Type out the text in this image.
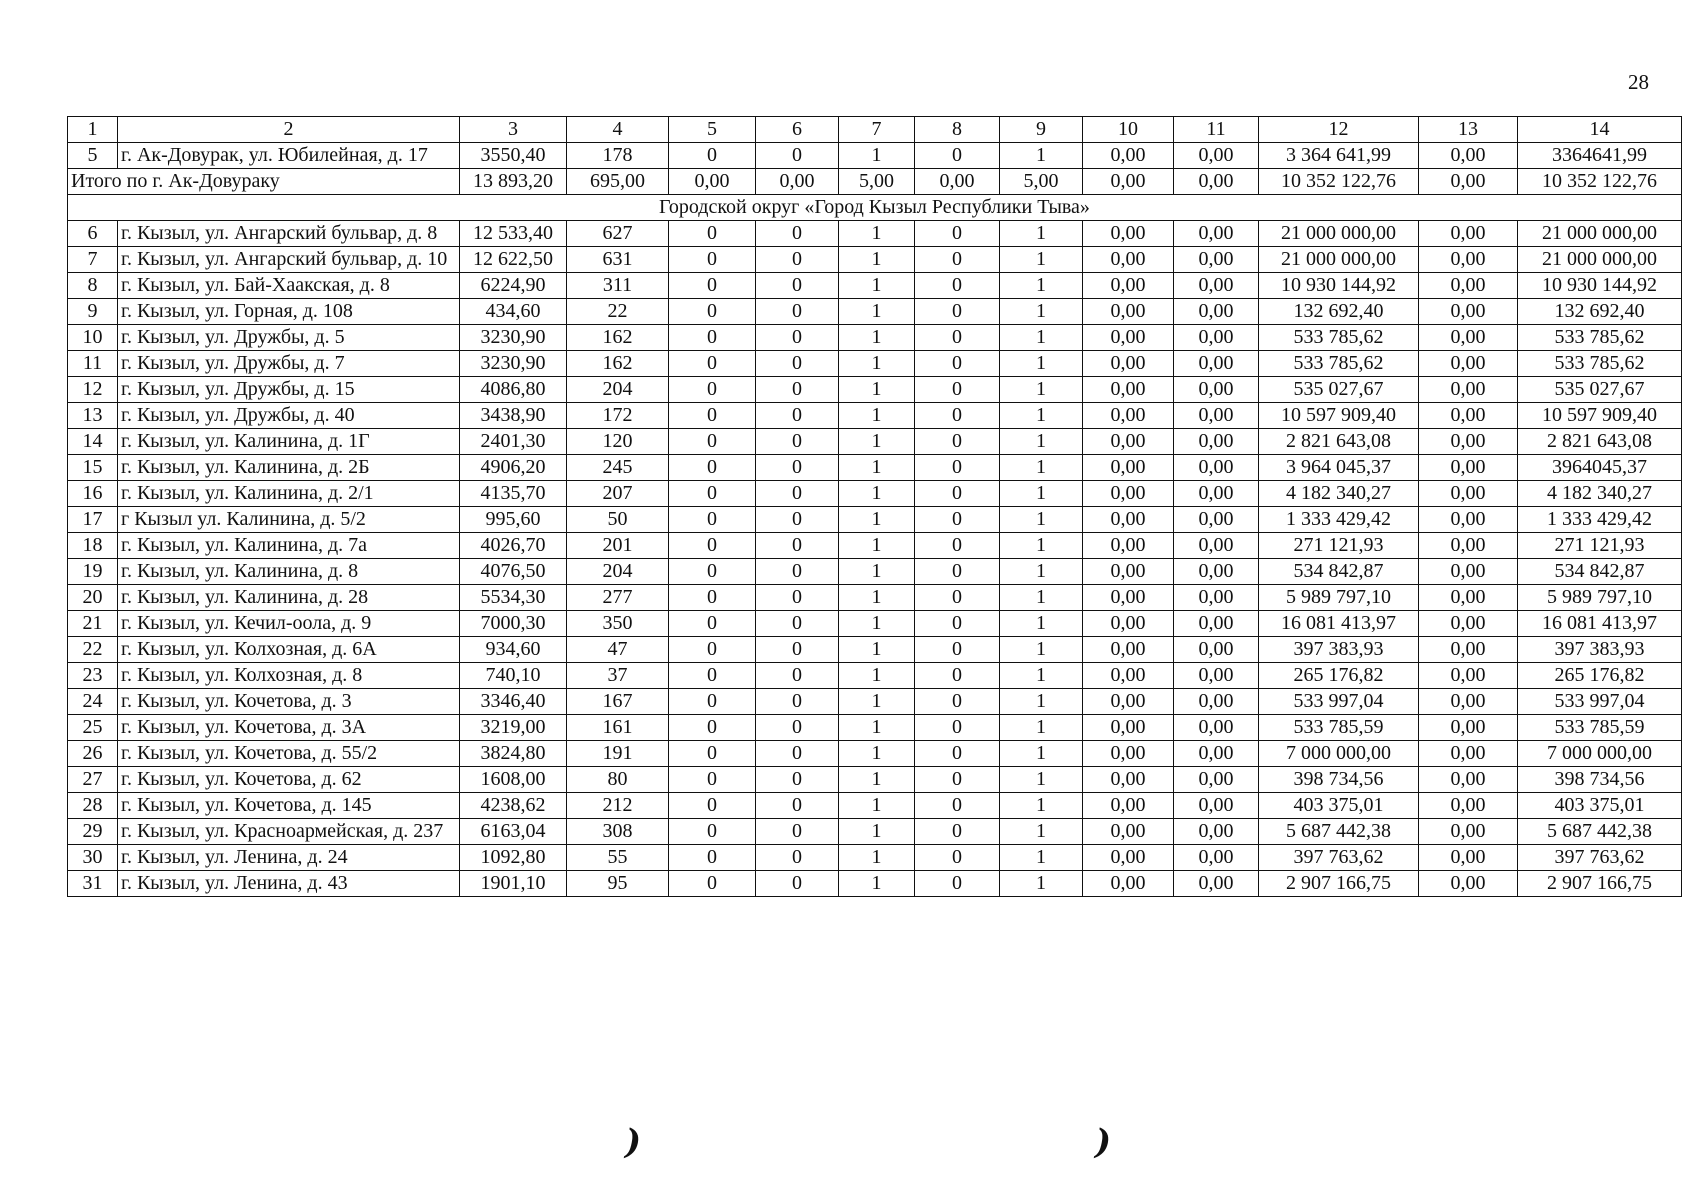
28
1	2	3	4	5	6	7	8	9	10	11	12	13	14
5	г. Ак-Довурак, ул. Юбилейная, д. 17	3550,40	178	0	0	1	0	1	0,00	0,00	3 364 641,99	0,00	3364641,99
Итого по г. Ак-Довураку		13 893,20	695,00	0,00	0,00	5,00	0,00	5,00	0,00	0,00	10 352 122,76	0,00	10 352 122,76
Городской округ «Город Кызыл Республики Тыва»													
6	г. Кызыл, ул. Ангарский бульвар, д. 8	12 533,40	627	0	0	1	0	1	0,00	0,00	21 000 000,00	0,00	21 000 000,00
7	г. Кызыл, ул. Ангарский бульвар, д. 10	12 622,50	631	0	0	1	0	1	0,00	0,00	21 000 000,00	0,00	21 000 000,00
8	г. Кызыл, ул. Бай-Хаакская, д. 8	6224,90	311	0	0	1	0	1	0,00	0,00	10 930 144,92	0,00	10 930 144,92
9	г. Кызыл, ул. Горная, д. 108	434,60	22	0	0	1	0	1	0,00	0,00	132 692,40	0,00	132 692,40
10	г. Кызыл, ул. Дружбы, д. 5	3230,90	162	0	0	1	0	1	0,00	0,00	533 785,62	0,00	533 785,62
11	г. Кызыл, ул. Дружбы, д. 7	3230,90	162	0	0	1	0	1	0,00	0,00	533 785,62	0,00	533 785,62
12	г. Кызыл, ул. Дружбы, д. 15	4086,80	204	0	0	1	0	1	0,00	0,00	535 027,67	0,00	535 027,67
13	г. Кызыл, ул. Дружбы, д. 40	3438,90	172	0	0	1	0	1	0,00	0,00	10 597 909,40	0,00	10 597 909,40
14	г. Кызыл, ул. Калинина, д. 1Г	2401,30	120	0	0	1	0	1	0,00	0,00	2 821 643,08	0,00	2 821 643,08
15	г. Кызыл, ул. Калинина, д. 2Б	4906,20	245	0	0	1	0	1	0,00	0,00	3 964 045,37	0,00	3964045,37
16	г. Кызыл, ул. Калинина, д. 2/1	4135,70	207	0	0	1	0	1	0,00	0,00	4 182 340,27	0,00	4 182 340,27
17	г Кызыл ул. Калинина, д. 5/2	995,60	50	0	0	1	0	1	0,00	0,00	1 333 429,42	0,00	1 333 429,42
18	г. Кызыл, ул. Калинина, д. 7а	4026,70	201	0	0	1	0	1	0,00	0,00	271 121,93	0,00	271 121,93
19	г. Кызыл, ул. Калинина, д. 8	4076,50	204	0	0	1	0	1	0,00	0,00	534 842,87	0,00	534 842,87
20	г. Кызыл, ул. Калинина, д. 28	5534,30	277	0	0	1	0	1	0,00	0,00	5 989 797,10	0,00	5 989 797,10
21	г. Кызыл, ул. Кечил-оола, д. 9	7000,30	350	0	0	1	0	1	0,00	0,00	16 081 413,97	0,00	16 081 413,97
22	г. Кызыл, ул. Колхозная, д. 6А	934,60	47	0	0	1	0	1	0,00	0,00	397 383,93	0,00	397 383,93
23	г. Кызыл, ул. Колхозная, д. 8	740,10	37	0	0	1	0	1	0,00	0,00	265 176,82	0,00	265 176,82
24	г. Кызыл, ул. Кочетова, д. 3	3346,40	167	0	0	1	0	1	0,00	0,00	533 997,04	0,00	533 997,04
25	г. Кызыл, ул. Кочетова, д. 3А	3219,00	161	0	0	1	0	1	0,00	0,00	533 785,59	0,00	533 785,59
26	г. Кызыл, ул. Кочетова, д. 55/2	3824,80	191	0	0	1	0	1	0,00	0,00	7 000 000,00	0,00	7 000 000,00
27	г. Кызыл, ул. Кочетова, д. 62	1608,00	80	0	0	1	0	1	0,00	0,00	398 734,56	0,00	398 734,56
28	г. Кызыл, ул. Кочетова, д. 145	4238,62	212	0	0	1	0	1	0,00	0,00	403 375,01	0,00	403 375,01
29	г. Кызыл, ул. Красноармейская, д. 237	6163,04	308	0	0	1	0	1	0,00	0,00	5 687 442,38	0,00	5 687 442,38
30	г. Кызыл, ул. Ленина, д. 24	1092,80	55	0	0	1	0	1	0,00	0,00	397 763,62	0,00	397 763,62
31	г. Кызыл, ул. Ленина, д. 43	1901,10	95	0	0	1	0	1	0,00	0,00	2 907 166,75	0,00	2 907 166,75
)	)
